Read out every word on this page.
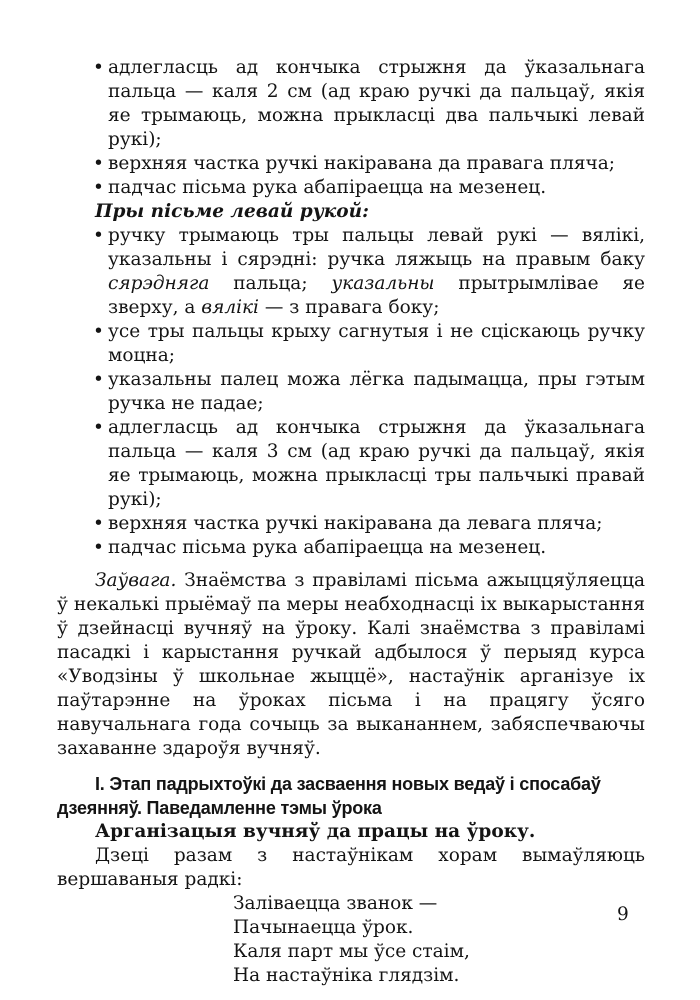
• адлегласць ад кончыка стрыжня да ўказальнага пальца — каля 2 см (ад краю ручкі да пальцаў, якія яе трымаюць, можна прыкласці два пальчыкі левай рукі);
• верхняя частка ручкі накіравана да правага пляча;
• падчас пісьма рука абапіраецца на мезенец.

Пры пісьме левай рукой:

• ручку трымаюць тры пальцы левай рукі — вялікі, указальны і сярэдні: ручка ляжыць на правым баку сярэдняга пальца; указальны прытрымлівае яе зверху, а вялікі — з правага боку;
• усе тры пальцы крыху сагнутыя і не сціскаюць ручку моцна;
• указальны палец можа лёгка падымацца, пры гэтым ручка не падае;
• адлегласць ад кончыка стрыжня да ўказальнага пальца — каля 3 см (ад краю ручкі да пальцаў, якія яе трымаюць, можна прыкласці тры пальчыкі правай рукі);
• верхняя частка ручкі накіравана да левага пляча;
• падчас пісьма рука абапіраецца на мезенец.

Заўвага. Знаёмства з правіламі пісьма ажыццяўляецца ў некалькі прыёмаў па меры неабходнасці іх выкарыстання ў дзейнасці вучняў на ўроку. Калі знаёмства з правіламі пасадкі і карыстання ручкай адбылося ў перыяд курса «Уводзіны ў школьнае жыццё», настаўнік арганізуе іх паўтарэнне на ўроках пісьма і на працягу ўсяго навучальнага года сочыць за выкананнем, забяспечваючы захаванне здароўя вучняў.

I. Этап падрыхтоўкі да засваення новых ведаў і спосабаў дзеянняў. Паведамленне тэмы ўрока

Арганізацыя вучняў да працы на ўроку.

Дзеці разам з настаўнікам хорам вымаўляюць вершаваныя радкі:

Заліваецца званок —
Пачынаецца ўрок.
Каля парт мы ўсе стаім,
На настаўніка глядзім.
9
